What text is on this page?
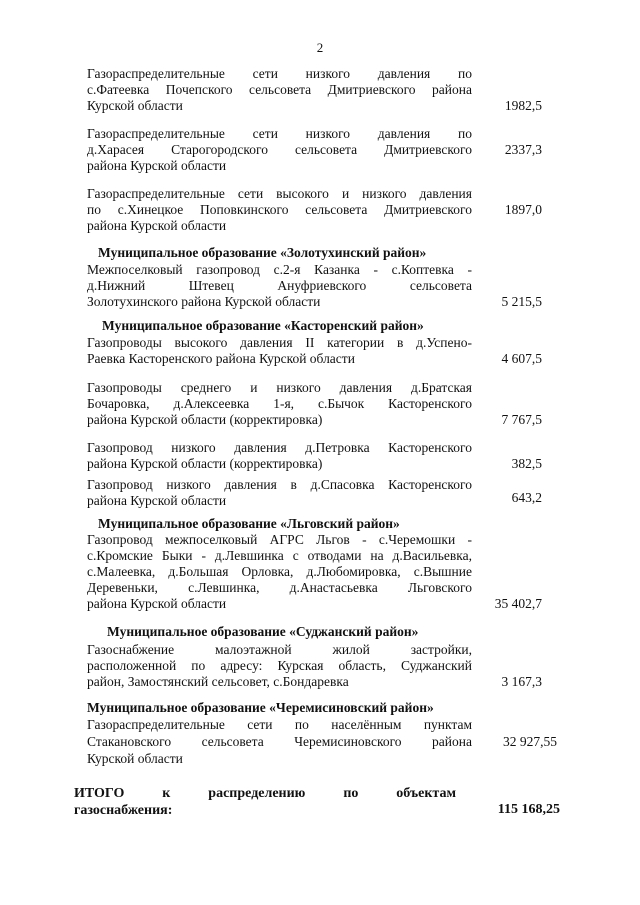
2
Газораспределительные сети низкого давления по
с.Фатеевка Почепского сельсовета Дмитриевского района
Курской области	1982,5
Газораспределительные сети низкого давления по
д.Харасея Старогородского сельсовета Дмитриевского
района Курской области
2337,3
Газораспределительные сети высокого и низкого давления
по с.Хинецкое Поповкинского сельсовета Дмитриевского
района Курской области
1897,0
Муниципальное образование «Золотухинский район»
Межпоселковый газопровод с.2-я Казанка - с.Коптевка -
д.Нижний Штевец Ануфриевского сельсовета
Золотухинского района Курской области	5 215,5
Муниципальное образование «Касторенский район»
Газопроводы высокого давления II категории в д.Успено-
Раевка Касторенского района Курской области	4 607,5
Газопроводы среднего и низкого давления д.Братская
Бочаровка, д.Алексеевка 1-я, с.Бычок Касторенского
района Курской области (корректировка)	7 767,5
Газопровод низкого давления д.Петровка Касторенского
района Курской области (корректировка)	382,5
Газопровод низкого давления в д.Спасовка Касторенского
района Курской области	643,2
Муниципальное образование «Льговский район»
Газопровод межпоселковый АГРС Льгов - с.Черемошки -
с.Кромские Быки - д.Левшинка с отводами на д.Васильевка,
с.Малеевка, д.Большая Орловка, д.Любомировка, с.Вышние
Деревеньки, с.Левшинка, д.Анастасьевка Льговского
района Курской области	35 402,7
Муниципальное образование «Суджанский район»
Газоснабжение малоэтажной жилой застройки,
расположенной по адресу: Курская область, Суджанский
район, Замостянский сельсовет, с.Бондаревка	3 167,3
Муниципальное образование «Черемисиновский район»
Газораспределительные сети по населённым пунктам
Стакановского сельсовета Черемисиновского района
Курской области
32 927,55
ИТОГО к распределению по объектам
газоснабжения:	115 168,25
